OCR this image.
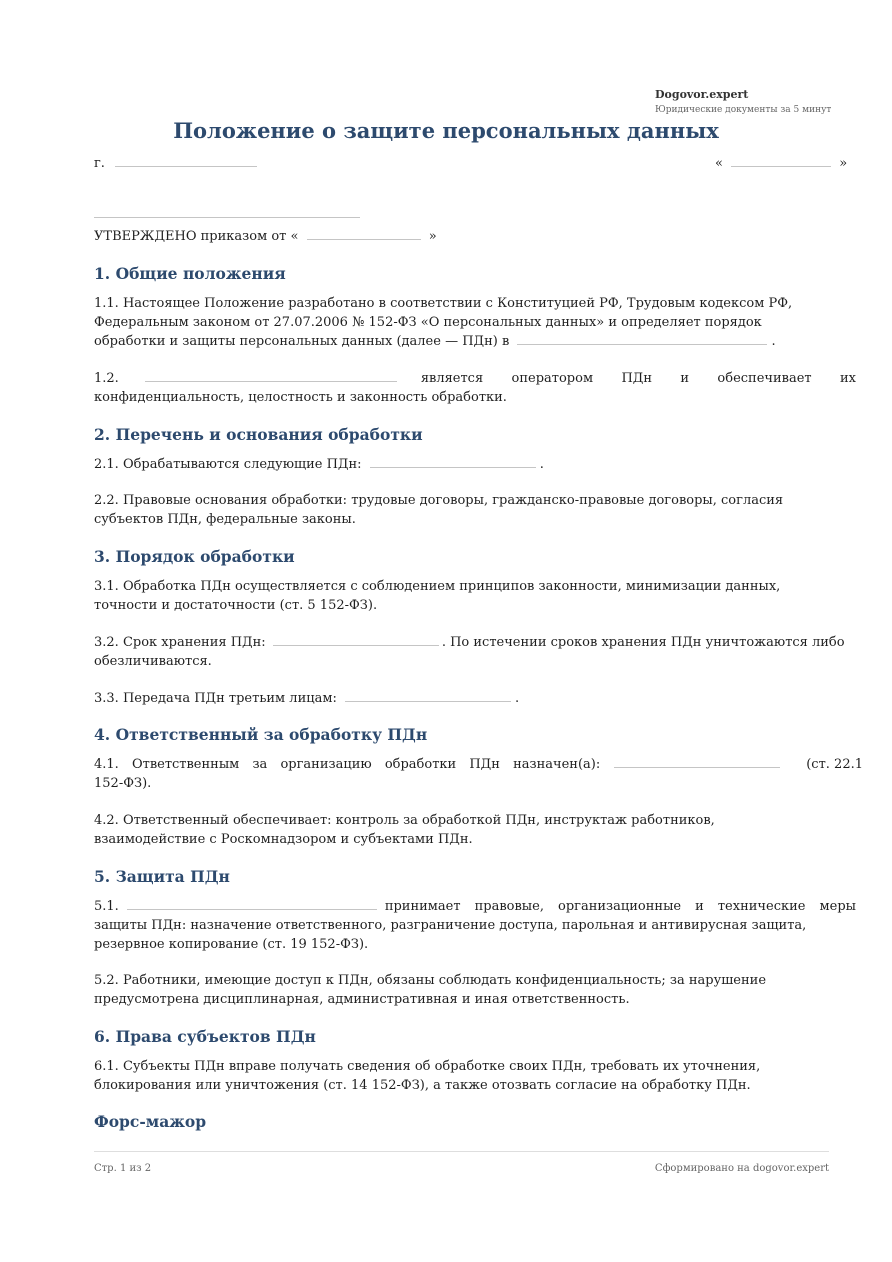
Dogovor.expert
Юридические документы за 5 минут
Положение о защите персональных данных
г.	«	»
УТВЕРЖДЕНО приказом от «	»
1. Общие положения
1.1. Настоящее Положение разработано в соответствии с Конституцией РФ, Трудовым кодексом РФ,
Федеральным законом от 27.07.2006 № 152-ФЗ «О персональных данных» и определяет порядок
обработки и защиты персональных данных (далее — ПДн) в	.
1.2.	является оператором ПДн и обеспечивает их
конфиденциальность, целостность и законность обработки.
2. Перечень и основания обработки
2.1. Обрабатываются следующие ПДн:	.
2.2. Правовые основания обработки: трудовые договоры, гражданско-правовые договоры, согласия
субъектов ПДн, федеральные законы.
3. Порядок обработки
3.1. Обработка ПДн осуществляется с соблюдением принципов законности, минимизации данных,
точности и достаточности (ст. 5 152-ФЗ).
3.2. Срок хранения ПДн:	. По истечении сроков хранения ПДн уничтожаются либо
обезличиваются.
3.3. Передача ПДн третьим лицам:	.
4. Ответственный за обработку ПДн
4.1. Ответственным за организацию обработки ПДн назначен(а):	(ст. 22.1
152-ФЗ).
4.2. Ответственный обеспечивает: контроль за обработкой ПДн, инструктаж работников,
взаимодействие с Роскомнадзором и субъектами ПДн.
5. Защита ПДн
5.1.	принимает правовые, организационные и технические меры
защиты ПДн: назначение ответственного, разграничение доступа, парольная и антивирусная защита,
резервное копирование (ст. 19 152-ФЗ).
5.2. Работники, имеющие доступ к ПДн, обязаны соблюдать конфиденциальность; за нарушение
предусмотрена дисциплинарная, административная и иная ответственность.
6. Права субъектов ПДн
6.1. Субъекты ПДн вправе получать сведения об обработке своих ПДн, требовать их уточнения,
блокирования или уничтожения (ст. 14 152-ФЗ), а также отозвать согласие на обработку ПДн.
Форс-мажор
Стр. 1 из 2	Сформировано на dogovor.expert
